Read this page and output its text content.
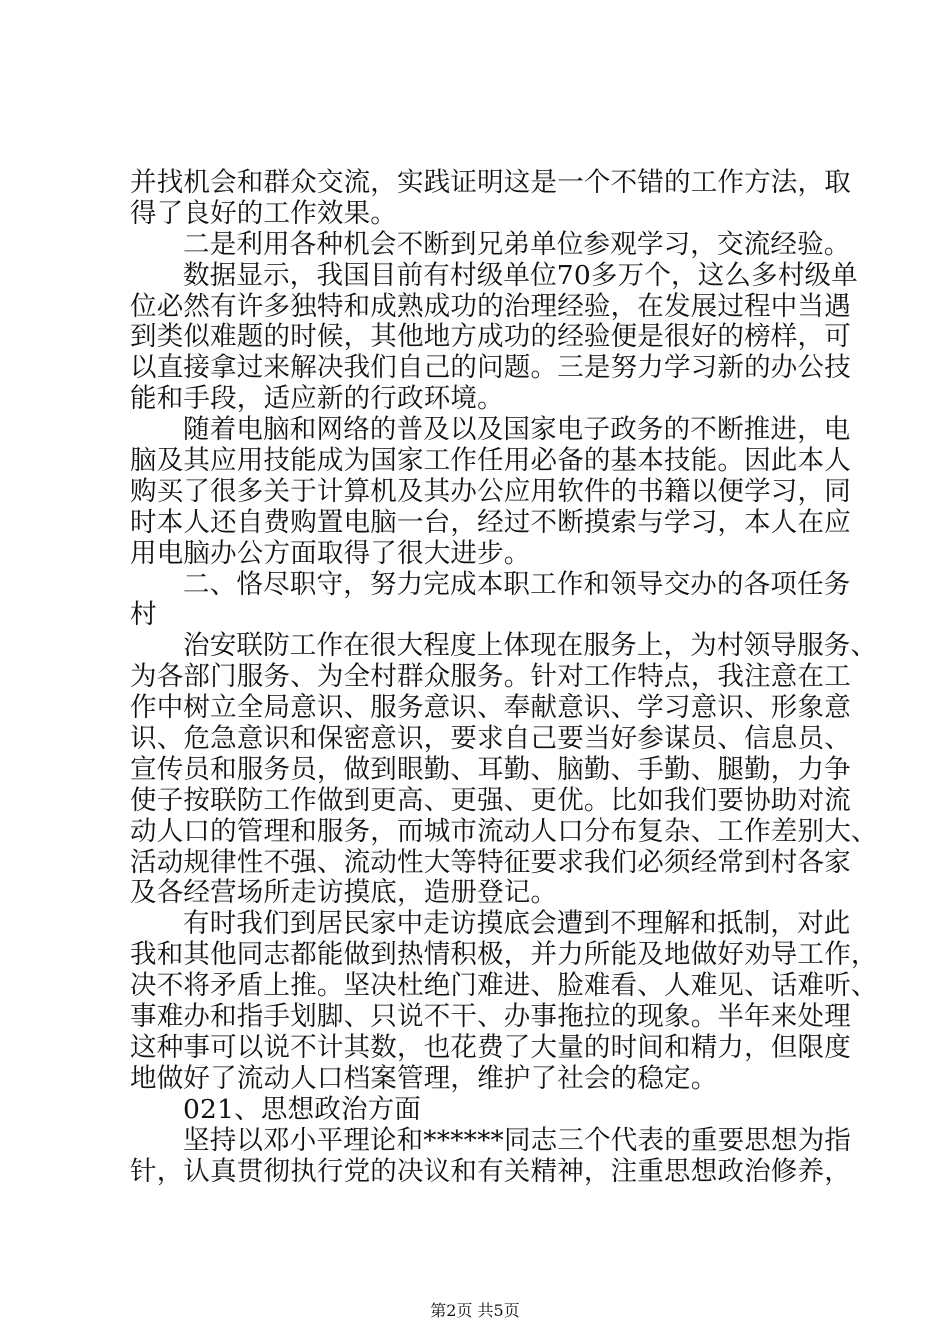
并找机会和群众交流，实践证明这是一个不错的工作方法，取
得了良好的工作效果。
二是利用各种机会不断到兄弟单位参观学习，交流经验。
数据显示，我国目前有村级单位70多万个，这么多村级单
位必然有许多独特和成熟成功的治理经验，在发展过程中当遇
到类似难题的时候，其他地方成功的经验便是很好的榜样，可
以直接拿过来解决我们自己的问题。三是努力学习新的办公技
能和手段，适应新的行政环境。
随着电脑和网络的普及以及国家电子政务的不断推进，电
脑及其应用技能成为国家工作任用必备的基本技能。因此本人
购买了很多关于计算机及其办公应用软件的书籍以便学习，同
时本人还自费购置电脑一台，经过不断摸索与学习，本人在应
用电脑办公方面取得了很大进步。
二、恪尽职守，努力完成本职工作和领导交办的各项任务
村
治安联防工作在很大程度上体现在服务上，为村领导服务、
为各部门服务、为全村群众服务。针对工作特点，我注意在工
作中树立全局意识、服务意识、奉献意识、学习意识、形象意
识、危急意识和保密意识，要求自己要当好参谋员、信息员、
宣传员和服务员，做到眼勤、耳勤、脑勤、手勤、腿勤，力争
使子按联防工作做到更高、更强、更优。比如我们要协助对流
动人口的管理和服务，而城市流动人口分布复杂、工作差别大、
活动规律性不强、流动性大等特征要求我们必须经常到村各家
及各经营场所走访摸底，造册登记。
有时我们到居民家中走访摸底会遭到不理解和抵制，对此
我和其他同志都能做到热情积极，并力所能及地做好劝导工作，
决不将矛盾上推。坚决杜绝门难进、脸难看、人难见、话难听、
事难办和指手划脚、只说不干、办事拖拉的现象。半年来处理
这种事可以说不计其数，也花费了大量的时间和精力，但限度
地做好了流动人口档案管理，维护了社会的稳定。
021、思想政治方面
坚持以邓小平理论和******同志三个代表的重要思想为指
针，认真贯彻执行党的决议和有关精神，注重思想政治修养，
第2页 共5页
